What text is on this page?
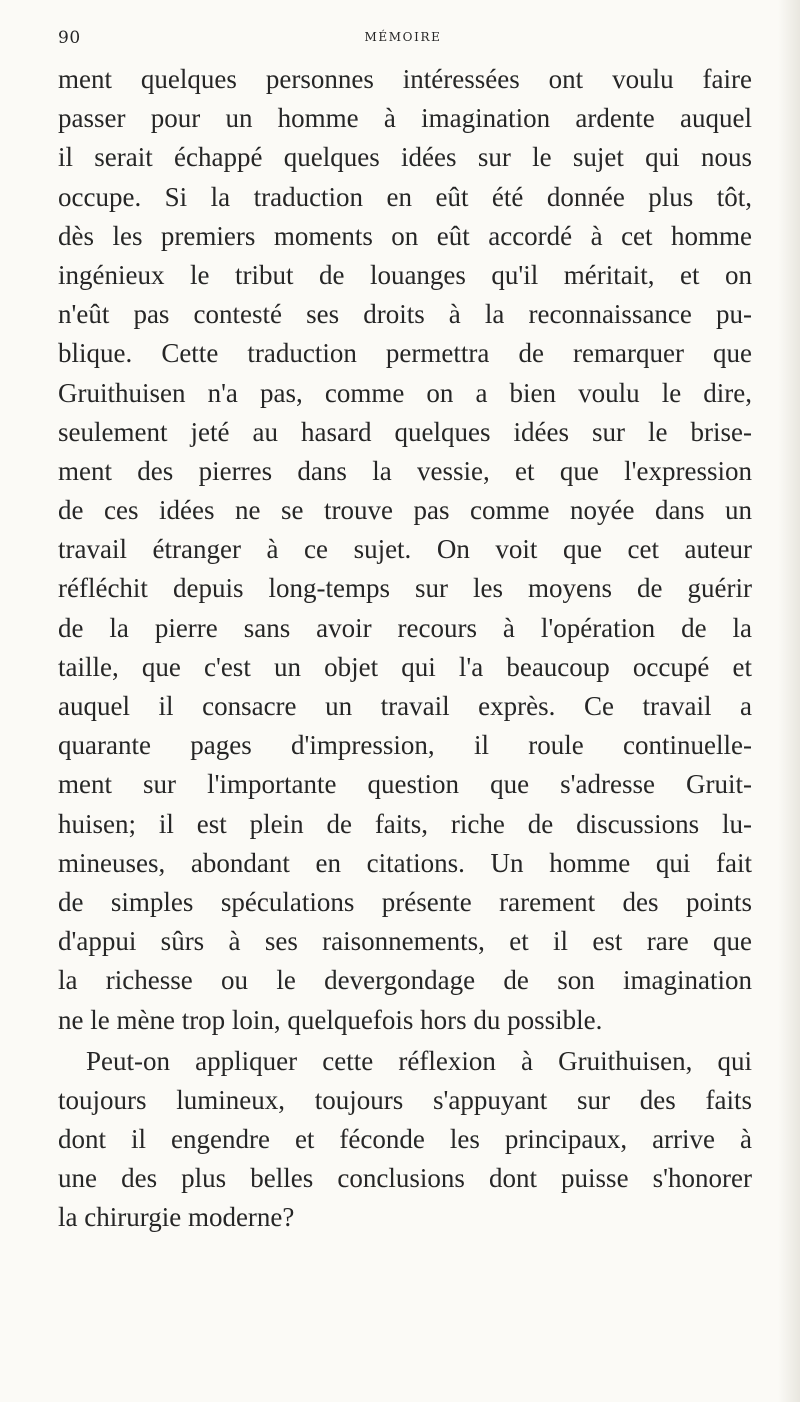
90	MÉMOIRE
ment quelques personnes intéressées ont voulu faire
passer pour un homme à imagination ardente auquel
il serait échappé quelques idées sur le sujet qui nous
occupe. Si la traduction en eût été donnée plus tôt,
dès les premiers moments on eût accordé à cet homme
ingénieux le tribut de louanges qu'il méritait, et on
n'eût pas contesté ses droits à la reconnaissance pu-
blique. Cette traduction permettra de remarquer que
Gruithuisen n'a pas, comme on a bien voulu le dire,
seulement jeté au hasard quelques idées sur le brise-
ment des pierres dans la vessie, et que l'expression
de ces idées ne se trouve pas comme noyée dans un
travail étranger à ce sujet. On voit que cet auteur
réfléchit depuis long-temps sur les moyens de guérir
de la pierre sans avoir recours à l'opération de la
taille, que c'est un objet qui l'a beaucoup occupé et
auquel il consacre un travail exprès. Ce travail a
quarante pages d'impression, il roule continuelle-
ment sur l'importante question que s'adresse Gruit-
huisen; il est plein de faits, riche de discussions lu-
mineuses, abondant en citations. Un homme qui fait
de simples spéculations présente rarement des points
d'appui sûrs à ses raisonnements, et il est rare que
la richesse ou le devergondage de son imagination
ne le mène trop loin, quelquefois hors du possible.
Peut-on appliquer cette réflexion à Gruithuisen, qui
toujours lumineux, toujours s'appuyant sur des faits
dont il engendre et féconde les principaux, arrive à
une des plus belles conclusions dont puisse s'honorer
la chirurgie moderne?
